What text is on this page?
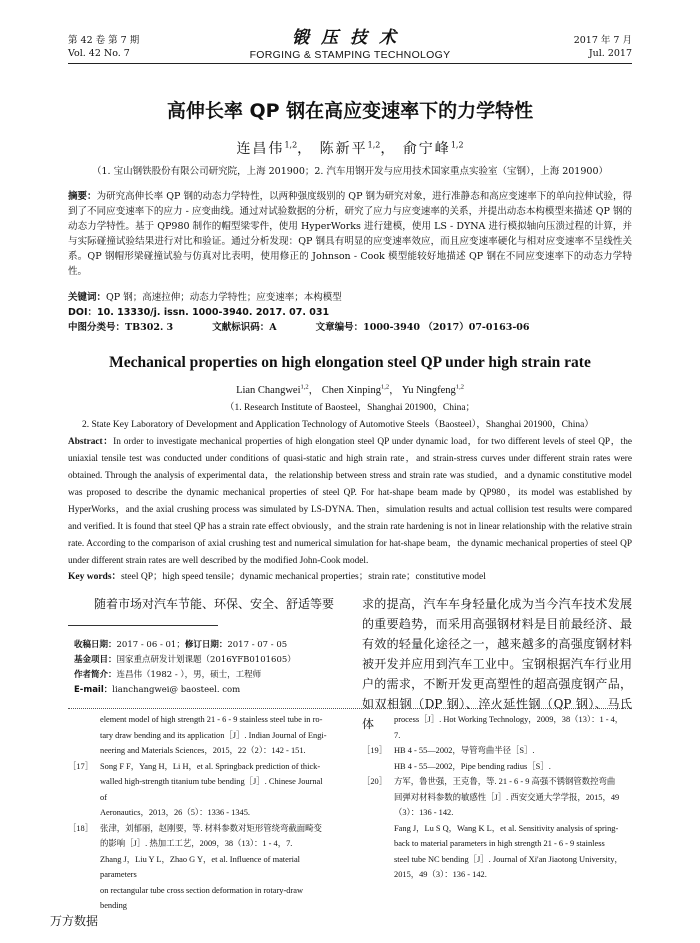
第 42 卷 第 7 期
Vol. 42 No. 7
锻压技术
FORGING & STAMPING TECHNOLOGY
2017 年 7 月
Jul. 2017
高伸长率 QP 钢在高应变速率下的力学特性
连昌伟$^{1,2}$， 陈新平$^{1,2}$， 俞宁峰$^{1,2}$
（1. 宝山钢铁股份有限公司研究院，上海 201900；2. 汽车用钢开发与应用技术国家重点实验室（宝钢），上海 201900）
摘要：为研究高伸长率 QP 钢的动态力学特性，以两种强度级别的 QP 钢为研究对象，进行准静态和高应变速率下的单向拉伸试验，得到了不同应变速率下的应力 - 应变曲线。通过对试验数据的分析，研究了应力与应变速率的关系，并提出动态本构模型来描述 QP 钢的动态力学特性。基于 QP980 制作的帽型梁零件，使用 HyperWorks 进行建模，使用 LS - DYNA 进行模拟轴向压溃过程的计算，并与实际碰撞试验结果进行对比和验证。通过分析发现：QP 钢具有明显的应变速率效应，而且应变速率硬化与相对应变速率不呈线性关系。QP 钢帽形梁碰撞试验与仿真对比表明，使用修正的 Johnson - Cook 模型能较好地描述 QP 钢在不同应变速率下的动态力学特性。
关键词：QP 钢；高速拉伸；动态力学特性；应变速率；本构模型
DOI：10. 13330/j. issn. 1000-3940. 2017. 07. 031
中图分类号：TB302. 3	文献标识码：A	文章编号：1000-3940 （2017）07-0163-06
Mechanical properties on high elongation steel QP under high strain rate
Lian Changwei$^{1,2}$， Chen Xinping$^{1,2}$， Yu Ningfeng$^{1,2}$
（1. Research Institute of Baosteel，Shanghai 201900，China；
2. State Key Laboratory of Development and Application Technology of Automotive Steels（Baosteel），Shanghai 201900，China）
Abstract：In order to investigate mechanical properties of high elongation steel QP under dynamic load，for two different levels of steel QP，the uniaxial tensile test was conducted under conditions of quasi-static and high strain rate，and strain-stress curves under different strain rates were obtained. Through the analysis of experimental data，the relationship between stress and strain rate was studied，and a dynamic constitutive model was proposed to describe the dynamic mechanical properties of steel QP. For hat-shape beam made by QP980，its model was established by HyperWorks，and the axial crushing process was simulated by LS-DYNA. Then，simulation results and actual collision test results were compared and verified. It is found that steel QP has a strain rate effect obviously，and the strain rate hardening is not in linear relationship with the relative strain rate. According to the comparison of axial crushing test and numerical simulation for hat-shape beam，the dynamic mechanical properties of steel QP under different strain rates are well described by the modified John-Cook model.
Key words：steel QP；high speed tensile；dynamic mechanical properties；strain rate；constitutive model
随着市场对汽车节能、环保、安全、舒适等要 求的提高，汽车车身轻量化成为当今汽车技术发展的重要趋势，而采用高强钢材料是目前最经济、最有效的轻量化途径之一，越来越多的高强度钢材料被开发并应用到汽车工业中。宝钢根据汽车行业用户的需求，不断开发更高塑性的超高强度钢产品，如双相钢（DP 钢）、淬火延性钢（QP 钢）、马氏体
收稿日期：2017 - 06 - 01；修订日期：2017 - 07 - 05
基金项目：国家重点研发计划课题（2016YFB0101605）
作者简介：连昌伟（1982 - ），男，硕士，工程师
E-mail：lianchangwei@ baosteel. com
element model of high strength 21 - 6 - 9 stainless steel tube in ro-
tary draw bending and its application［J］. Indian Journal of Engi-
neering and Materials Sciences，2015，22（2）：142 - 151.
［17］ Song F F，Yang H，Li H，et al. Springback prediction of thick-
walled high-strength titanium tube bending［J］. Chinese Journal of
Aeronautics，2013，26（5）：1336 - 1345.
［18］ 张津，刘郁丽，赵刚要，等. 材料参数对矩形管绕弯截面畸变
的影响［J］. 热加工工艺，2009，38（13）：1 - 4，7.
Zhang J，Liu Y L，Zhao G Y，et al. Influence of material parameters
on rectangular tube cross section deformation in rotary-draw bending
process［J］. Hot Working Technology，2009，38（13）：1 - 4，7.
［19］ HB 4 - 55—2002，导管弯曲半径［S］.
HB 4 - 55—2002，Pipe bending radius［S］.
［20］ 方军，鲁世强，王克鲁，等. 21 - 6 - 9 高强不锈钢管数控弯曲
回弹对材料参数的敏感性［J］. 西安交通大学学报，2015，49
（3）：136 - 142.
Fang J，Lu S Q，Wang K L，et al. Sensitivity analysis of spring-
back to material parameters in high strength 21 - 6 - 9 stainless
steel tube NC bending［J］. Journal of Xi'an Jiaotong University，
2015，49（3）：136 - 142.
万方数据
